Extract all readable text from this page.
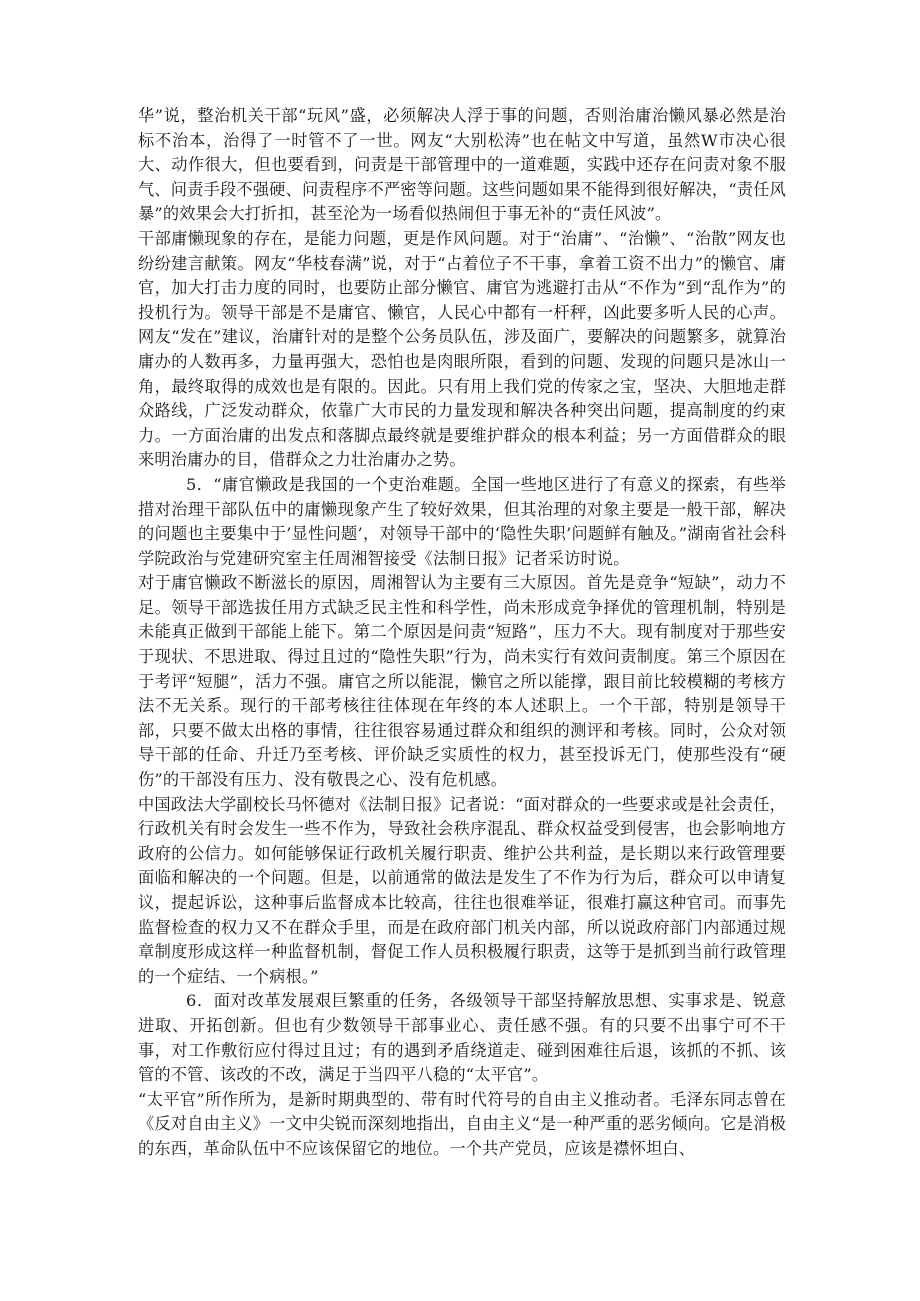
华”说，整治机关干部“玩风”盛，必须解决人浮于事的问题，否则治庸治懒风暴必然是治标不治本，治得了一时管不了一世。网友“大别松涛”也在帖文中写道，虽然W市决心很大、动作很大，但也要看到，问责是干部管理中的一道难题，实践中还存在问责对象不服气、问责手段不强硬、问责程序不严密等问题。这些问题如果不能得到很好解决，“责任风暴”的效果会大打折扣，甚至沦为一场看似热闹但于事无补的“责任风波”。

干部庸懒现象的存在，是能力问题，更是作风问题。对于“治庸”、“治懒”、“治散”网友也纷纷建言献策。网友“华枝春满”说，对于“占着位子不干事，拿着工资不出力”的懒官、庸官，加大打击力度的同时，也要防止部分懒官、庸官为逃避打击从“不作为”到“乱作为”的投机行为。领导干部是不是庸官、懒官，人民心中都有一杆秤，凶此要多听人民的心声。网友“发在”建议，治庸针对的是整个公务员队伍，涉及面广，要解决的问题繁多，就算治庸办的人数再多，力量再强大，恐怕也是肉眼所限，看到的问题、发现的问题只是冰山一角，最终取得的成效也是有限的。因此。只有用上我们党的传家之宝，坚决、大胆地走群众路线，广泛发动群众，依靠广大市民的力量发现和解决各种突出问题，提高制度的约束力。一方面治庸的出发点和落脚点最终就是要维护群众的根本利益；另一方面借群众的眼来明治庸办的目，借群众之力壮治庸办之势。

5．“庸官懒政是我国的一个吏治难题。全国一些地区进行了有意义的探索，有些举措对治理干部队伍中的庸懒现象产生了较好效果，但其治理的对象主要是一般干部，解决的问题也主要集中于’显性问题’，对领导干部中的‘隐性失职’问题鲜有触及。”湖南省社会科学院政治与党建研究室主任周湘智接受《法制日报》记者采访时说。

对于庸官懒政不断滋长的原因，周湘智认为主要有三大原因。首先是竞争“短缺”，动力不足。领导干部选拔任用方式缺乏民主性和科学性，尚未形成竞争择优的管理机制，特别是未能真正做到干部能上能下。第二个原因是问责“短路”，压力不大。现有制度对于那些安于现状、不思进取、得过且过的“隐性失职”行为，尚未实行有效问责制度。第三个原因在于考评“短腿”，活力不强。庸官之所以能混，懒官之所以能撑，跟目前比较模糊的考核方法不无关系。现行的干部考核往往体现在年终的本人述职上。一个干部，特别是领导干部，只要不做太出格的事情，往往很容易通过群众和组织的测评和考核。同时，公众对领导干部的任命、升迁乃至考核、评价缺乏实质性的权力，甚至投诉无门，使那些没有“硬伤”的干部没有压力、没有敬畏之心、没有危机感。

中国政法大学副校长马怀德对《法制日报》记者说：“面对群众的一些要求或是社会责任，行政机关有时会发生一些不作为，导致社会秩序混乱、群众权益受到侵害，也会影响地方政府的公信力。如何能够保证行政机关履行职责、维护公共利益，是长期以来行政管理要面临和解决的一个问题。但是，以前通常的做法是发生了不作为行为后，群众可以申请复议，提起诉讼，这种事后监督成本比较高，往往也很难举证，很难打赢这种官司。而事先监督检查的权力又不在群众手里，而是在政府部门机关内部，所以说政府部门内部通过规章制度形成这样一种监督机制，督促工作人员积极履行职责，这等于是抓到当前行政管理的一个症结、一个病根。”

6．面对改革发展艰巨繁重的任务，各级领导干部坚持解放思想、实事求是、锐意进取、开拓创新。但也有少数领导干部事业心、责任感不强。有的只要不出事宁可不干事，对工作敷衍应付得过且过；有的遇到矛盾绕道走、碰到困难往后退，该抓的不抓、该管的不管、该改的不改，满足于当四平八稳的“太平官”。

“太平官”所作所为，是新时期典型的、带有时代符号的自由主义推动者。毛泽东同志曾在《反对自由主义》一文中尖锐而深刻地指出，自由主义“是一种严重的恶劣倾向。它是消极的东西，革命队伍中不应该保留它的地位。一个共产党员，应该是襟怀坦白、
